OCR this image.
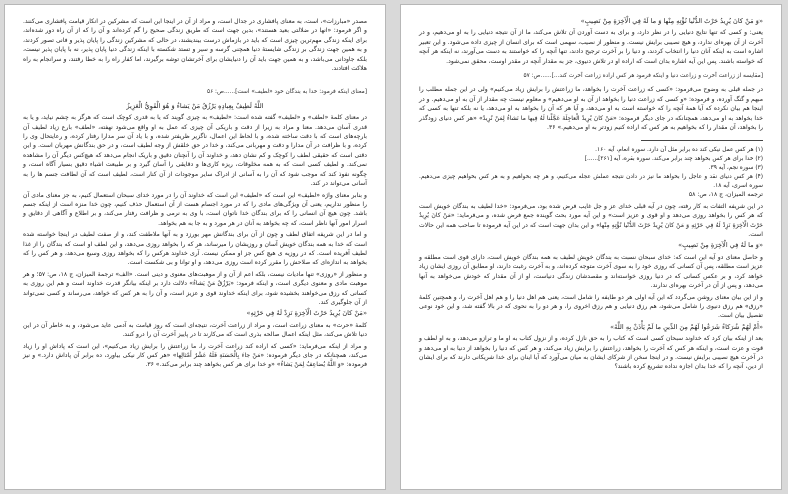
مصدر «مبارزات»، است، به معنای پافشاری در جدال است، و مراد از آن در اینجا این است که مشرکین در انکار قیامت پافشاری می‌کنند. و اگر فرمود: «انها در ضلالتی بعید هستند»، بدین جهت است که طریق زندگی صحیح را گم کرده‌اند و آن را که از آن راه دور شده‌اند، برای اینکه زندگی مهم‌ترین چیزی است که باید در بازماش درست بیندیشند، در حالی که مشرکین زندگی را پایان پذیر و فانی تصور کردند، و به همین جهت زندگی بر زندگی شایستهٔ دنیا همچنی گرسه و سیر و تستد شکسته با اینکه زندگی دنیا پایان پذیر، نه با پایان پذیر نیست، بلکه جاودانی می‌باشد، و به همین جهت باید آن را دنیایشان برای آخرتشان توشه برگیرند، اما کفار راه را به خطا رفتند، و سرانجام به راه هلاکت افتادند.

[معنای اینکه فرمود: خدا به بندگان خود «لطیف» است]......ص: ۵۶

اللَّهُ لَطِيفٌ بِعِبادِهِ يَرْزُقُ مَنْ يَشاءُ وَ هُوَ الْقَوِيُّ الْعَزِيزُ

در معنای کلمهٔ «لطف» و «لطیف» گفته شده است: «لطیف» به چیزی گویند که یا به قدری کوچک است که هرگز به چشم نیاید، و یا به قدری آسان می‌دهد. معنا و مراد به زیرا از دقت و باریکی آن چیزی که عمل به او واقع می‌شود نهفته، «لطف» بارع زیاد لطیف آن بارچه‌های است که با دقت ساخته شده، و با لحاظ این اعمال، ناگزیر ظریفتر شده، و با یاد آن سر مدارا رفتار کرده، و رعایتحال وی را کرده، و با ظرافت در آن مدارا و دقت و مهربانی می‌کند، و خدا در حق خلقش از وجه لطیف است، و در حق بندگانش مهربان است. و این دقتی است که حقیقی لطف را کوچک و کم نشان دهد، و خداوند آن را آنچنان دقیق و باریک انجام می‌دهد که هیچ‌کس دیگر آن را مشاهده نمی‌کند. و لطیف کسی است که به همه مخلوقات، ریزه کاری‌ها و دقایقی را آسان گیرد و بر طبیعت اشیاء دقیق بسیار آگاه است، و چگونه نفوذ کند که موجب شود که آن را به آسانی از ادراک سایر موجودات از آن کنار است، لطیف است که آن لطافت جسم ها را به آسانی می‌تواند در کند.

و بنابر معنای واژه «لطیف» این است که «لطیف» این است که خداوند آن را در مورد خدای سبحان استعمال کنیم، به جز معنای مادی آن را منظور نداریم، یعنی آن ویژگی‌های مادی را که در مورد اجسام هست از آن استعمال حذف کنیم، چون خدا منزه است از اینکه جسم باشد. چون هیچ آن انسانی را که برای بندگان خدا ناتوان است، با وی به نرمی و ظرافت رفتار می‌کند، و بر اطلاع و آگاهی از دقایق و اسرار امور آنها ناظر است، که چه بخواهد به آنان در هر مورد و به جا به هم بخواهد.

و اما در این شریفه اتفاق لطف و چون از آن برای بندگانش مهر بورزد و به آنها ملاطفت کند، و از صفت لطیف در اینجا خواسته شده است که خدا به همه بندگان خویش آسان و روزیشان را میرساند، هر که را بخواهد روزی می‌دهد، و این لطف او است که بندگان را از غذا لطیف آفریده است. که در روزیه ی هیچ کس جز او ممکن نیست. آری خداوند هرکس را که بخواهد روزی وسیع می‌دهد، و هر کس را که بخواهد به اندازه‌ای که صلاحش را مقرر کرده است روزی می‌دهد، و او توانا و بی شکست است.

و منظور از «روزی» تنها مادیات نیست، بلکه اعم از آن و از موهبت‌های معنوی و دینی است. «الف» ترجمهٔ المیزان، ج ۱۸، ص: ۵۷؛ و هر موهبت مادی و معنوی دیگری است، و اینکه فرمود: «يَرْزُقُ مَنْ يَشاءُ» دلالت دارد بر اینکه بیانگر قدرت خداوند است و هم این روزی به کسانی که رزق می‌خواهند بخشیده شود، برای اینکه خداوند قوی و عزیز است، و آن را به هر کس که خواهد، می‌رساند و کسی نمی‌تواند از آن جلوگیری کند.

«مَنْ كانَ يُرِيدُ حَرْثَ الْآخِرَةِ نَزِدْ لَهُ فِي حَرْثِهِ»

کلمهٔ «حرث» به معنای زراعت است، و مراد از زراعت آخرت، نتیجه‌ای است که روز قیامت به آدمی عاید می‌شود، و به خاطر آن در این دنیا تلاش می‌کند، مثل اینکه اعمال صالحه بذری است که می‌کارند تا در پاییز آخرت آن را درو کنند.

و مراد از اینکه می‌فرماید: «کسی که اراده کند زراعت آخرت را، ما زراعتش را برایش زیاد می‌کنیم»، این است که پاداش او را زیاد می‌کند، همچنانکه در جای دیگر فرموده: «مَنْ جاءَ بِالْحَسَنَةِ فَلَهُ عَشْرُ أَمْثالِها» «هر کس کار نیکی بیاورد، ده برابر آن پاداش دارد.» و نیز فرموده: «وَ اللَّهُ يُضاعِفُ لِمَنْ يَشاءُ» «و خدا برای هر کس بخواهد چند برابر می‌کند.» ۳۶.

«وَ مَنْ كانَ يُرِيدُ حَرْثَ الدُّنْيا نُؤْتِهِ مِنْها وَ ما لَهُ فِي الْآخِرَةِ مِنْ نَصِيبٍ»

یعنی: و کسی که تنها نتایج دنیایی را در نظر دارد، و برای به دست آوردن آن تلاش می‌کند، ما از آن نتیجه دنیایی را به او می‌دهیم، و در آخرت از آن بهره‌ای ندارد، و هیچ نصیبی برایش نیست. و منظور از نصیب، سهمی است که برای انسان از چیزی داده می‌شود. و این تعبیر اشاره است به اینکه آنان دنیا را انتخاب کردند، و دنیا را بر آخرت ترجیح دادند، تنها آنچه را که خواستند به دست می‌آورند، نه اینکه هر آنچه که خواسته باشند. پس این آیه اشاره بدان است که اراده او در تلاش دنیوی، جز به مقدار آنچه در مقدر اوست، محقق نمی‌شود.

[مقایسه از زراعت آخرت و زراعت دنیا و اینکه فرمود هر کس اراده زراعت آخرت کند...]......ص: ۵۷

در جمله قبلی به وضوح می‌فرمود: «کسی که زراعت آخرت را بخواهد، ما زراعتش را برایش زیاد می‌کنیم» ولی در این جمله مطلب را مبهم و گنگ آورده، و فرموده: «و کسی که زراعت دنیا را بخواهد از آن به او می‌دهیم» و معلوم نیست چه مقدار از آن به او می‌دهیم. و در اینجا هم بیان نکرده که آیا همهٔ آنچه را که خواسته است به او می‌دهد، و آیا هر که آن را بخواهد به او می‌دهد، یا نه بلکه تنها به کسی که خدا بخواهد به او می‌دهد، همچنانکه در جای دیگر فرموده: «مَنْ كانَ يُرِيدُ الْعاجِلَةَ عَجَّلْنا لَهُ فِيها ما نَشاءُ لِمَنْ نُرِيدُ» «هر کس دنیای زودگذر را بخواهد، آن مقدار را که بخواهیم به هر کس که اراده کنیم زودتر به او می‌دهیم.» ۳۶.

(۱) هر کس عمل نیکی کند ده برابر مثل آن دارد. سوره انعام، آیه ۱۶۰.

(۲) خدا برای هر کس بخواهد چند برابر می‌کند. سوره بقره، آیه [۲۶۱]......]

(۳) سوره نجم، آیه ۳۹.

(۴) هر کس دنیای نقد و عاجل را بخواهد ما نیز در دادن نتیجه عملش عجله می‌کنیم، و هر چه بخواهیم و به هر کس بخواهیم چیزی می‌دهیم. سوره اسری، آیه ۱۸.

ترجمه المیزان، ج ۱۸، ص: ۵۸

در این شریفه التفات به کار رفته، چون در آیه قبلی خدای عز و جل غایب فرض شده بود، می‌فرمود: «خدا لطیف به بندگان خویش است که هر کس را بخواهد روزی می‌دهد و او قوی و عزیز است» و این آیه مورد بحث گوینده جمع فرض شده، و می‌فرماید: «مَنْ كانَ يُرِيدُ حَرْثَ الْآخِرَةِ نَزِدْ لَهُ فِي حَرْثِهِ وَ مَنْ كانَ يُرِيدُ حَرْثَ الدُّنْيا نُؤْتِهِ مِنْها» و این بدان جهت است که در این آیه فرموده تا صاحب همه این حالات است.

«وَ ما لَهُ فِي الْآخِرَةِ مِنْ نَصِيبٍ»

و حاصل معنای دو آیه این است که: خدای سبحان نسبت به بندگان خویش لطیف به همه بندگان خویش است، دارای قوی است مطلقه و عزیز است مطلقه، پس آن کسانی که روزی خود را به سوی آخرت متوجه کرده‌اند، و به آخرت رغبت دارند، او مطابق آن روزی ایشان زیاد خواهد کرد، و بر عکس کسانی که در دنیا روزی خواسته‌اند و مقصدشان زندگی دنیاست، او از آن مقدار که خودش می‌خواهد به آنها می‌دهد، و پس از آن در آخرت بهره‌ای ندارند.

و از این بیان معنای روشن می‌گردد که این آیه اولی هر دو طایفه را شامل است، یعنی هم اهل دنیا را و هم اهل آخرت را، و همچنین کلمهٔ «رزق» هم رزق دنیوی را شامل می‌شود، هم رزق دنیایی و هم رزق اخروی را، و هر دو را به نحوی که در بالا گفته شد، و این خود نوعی تفصیل بیان است.

«أَمْ لَهُمْ شُرَكاءُ شَرَعُوا لَهُمْ مِنَ الدِّينِ ما لَمْ يَأْذَنْ بِهِ اللَّهُ»

بعد از اینکه بیان کرد که خداوند سبحان کسی است که کتاب را به حق نازل کرده، و از نزول کتاب به او ما و ترازو می‌دهد، و به او لطف و قوت و عزت است، و اینکه هر کس که آخرت را بخواهد، زراعتش را برایش زیاد می‌کند، و هر کس که دنیا را بخواهد از دنیا به او می‌دهد و در آخرت هیچ نصیبی برایش نیست. و در اینجا سخن از شرکای ایشان به میان می‌آورد که آیا اینان برای خدا شریکانی دارند که برای ایشان از دین، آنچه را که خدا بدان اجازه نداده تشریع کرده باشند؟
